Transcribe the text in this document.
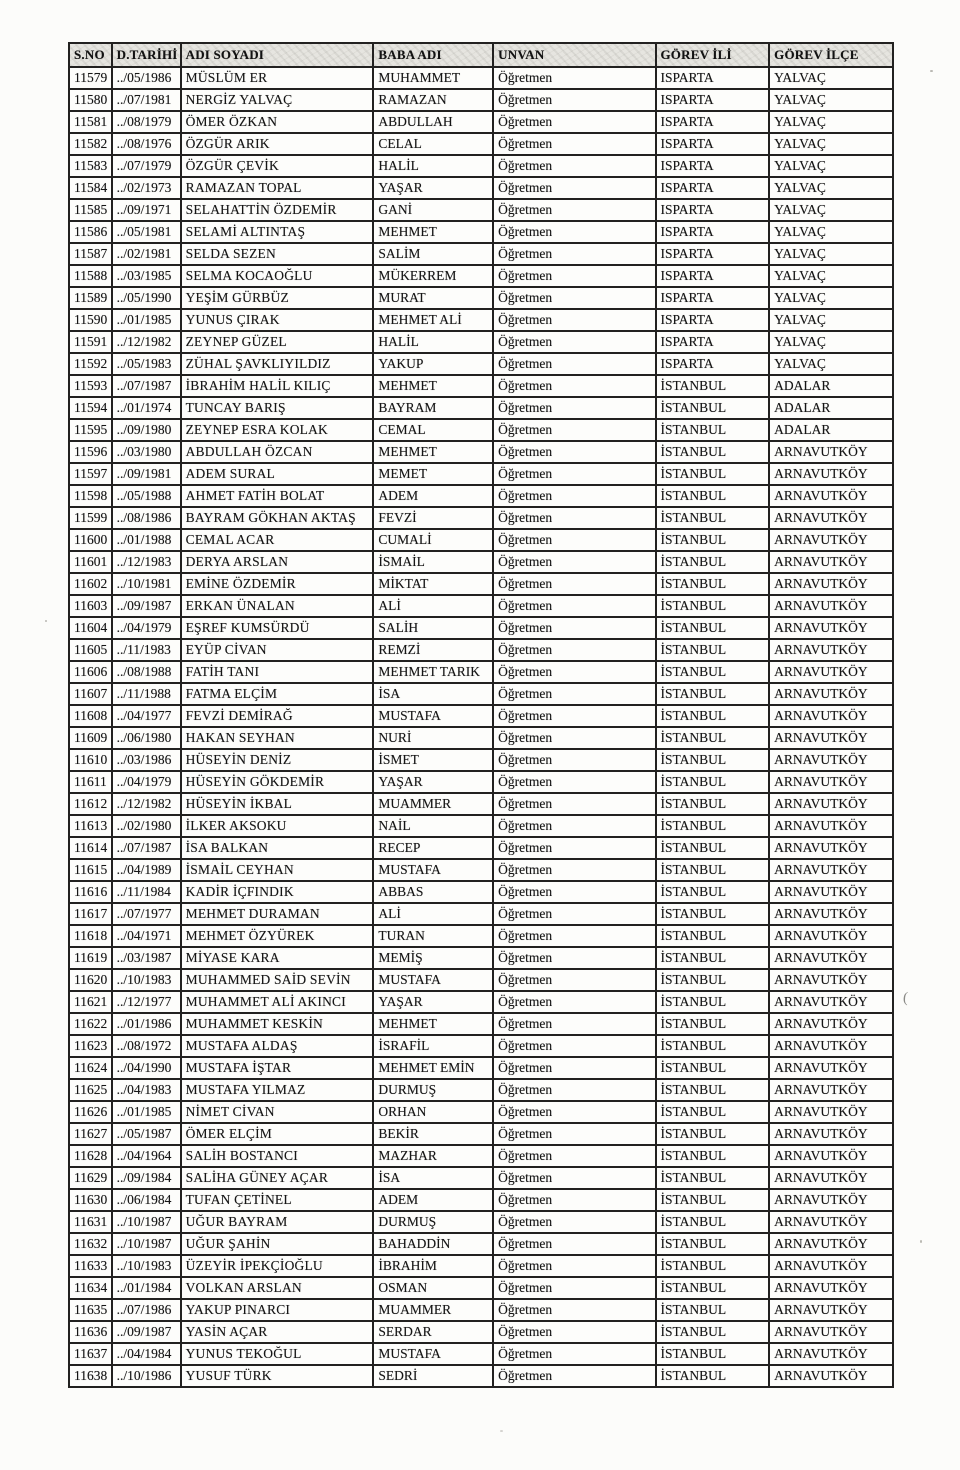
S.NO	D.TARİHİ	ADI SOYADI	BABA ADI	UNVAN	GÖREV İLİ	GÖREV İLÇE
11579	../05/1986	MÜSLÜM ER	MUHAMMET	Öğretmen	ISPARTA	YALVAÇ
11580	../07/1981	NERGİZ YALVAÇ	RAMAZAN	Öğretmen	ISPARTA	YALVAÇ
11581	../08/1979	ÖMER ÖZKAN	ABDULLAH	Öğretmen	ISPARTA	YALVAÇ
11582	../08/1976	ÖZGÜR ARIK	CELAL	Öğretmen	ISPARTA	YALVAÇ
11583	../07/1979	ÖZGÜR ÇEVİK	HALİL	Öğretmen	ISPARTA	YALVAÇ
11584	../02/1973	RAMAZAN TOPAL	YAŞAR	Öğretmen	ISPARTA	YALVAÇ
11585	../09/1971	SELAHATTİN ÖZDEMİR	GANİ	Öğretmen	ISPARTA	YALVAÇ
11586	../05/1981	SELAMİ ALTINTAŞ	MEHMET	Öğretmen	ISPARTA	YALVAÇ
11587	../02/1981	SELDA SEZEN	SALİM	Öğretmen	ISPARTA	YALVAÇ
11588	../03/1985	SELMA KOCAOĞLU	MÜKERREM	Öğretmen	ISPARTA	YALVAÇ
11589	../05/1990	YEŞİM GÜRBÜZ	MURAT	Öğretmen	ISPARTA	YALVAÇ
11590	../01/1985	YUNUS ÇIRAK	MEHMET ALİ	Öğretmen	ISPARTA	YALVAÇ
11591	../12/1982	ZEYNEP GÜZEL	HALİL	Öğretmen	ISPARTA	YALVAÇ
11592	../05/1983	ZÜHAL ŞAVKLIYILDIZ	YAKUP	Öğretmen	ISPARTA	YALVAÇ
11593	../07/1987	İBRAHİM HALİL KILIÇ	MEHMET	Öğretmen	İSTANBUL	ADALAR
11594	../01/1974	TUNCAY BARIŞ	BAYRAM	Öğretmen	İSTANBUL	ADALAR
11595	../09/1980	ZEYNEP ESRA KOLAK	CEMAL	Öğretmen	İSTANBUL	ADALAR
11596	../03/1980	ABDULLAH ÖZCAN	MEHMET	Öğretmen	İSTANBUL	ARNAVUTKÖY
11597	../09/1981	ADEM SURAL	MEMET	Öğretmen	İSTANBUL	ARNAVUTKÖY
11598	../05/1988	AHMET FATİH BOLAT	ADEM	Öğretmen	İSTANBUL	ARNAVUTKÖY
11599	../08/1986	BAYRAM GÖKHAN AKTAŞ	FEVZİ	Öğretmen	İSTANBUL	ARNAVUTKÖY
11600	../01/1988	CEMAL ACAR	CUMALİ	Öğretmen	İSTANBUL	ARNAVUTKÖY
11601	../12/1983	DERYA ARSLAN	İSMAİL	Öğretmen	İSTANBUL	ARNAVUTKÖY
11602	../10/1981	EMİNE ÖZDEMİR	MİKTAT	Öğretmen	İSTANBUL	ARNAVUTKÖY
11603	../09/1987	ERKAN ÜNALAN	ALİ	Öğretmen	İSTANBUL	ARNAVUTKÖY
11604	../04/1979	EŞREF KUMSÜRDÜ	SALİH	Öğretmen	İSTANBUL	ARNAVUTKÖY
11605	../11/1983	EYÜP CİVAN	REMZİ	Öğretmen	İSTANBUL	ARNAVUTKÖY
11606	../08/1988	FATİH TANI	MEHMET TARIK	Öğretmen	İSTANBUL	ARNAVUTKÖY
11607	../11/1988	FATMA ELÇİM	İSA	Öğretmen	İSTANBUL	ARNAVUTKÖY
11608	../04/1977	FEVZİ DEMİRAĞ	MUSTAFA	Öğretmen	İSTANBUL	ARNAVUTKÖY
11609	../06/1980	HAKAN SEYHAN	NURİ	Öğretmen	İSTANBUL	ARNAVUTKÖY
11610	../03/1986	HÜSEYİN DENİZ	İSMET	Öğretmen	İSTANBUL	ARNAVUTKÖY
11611	../04/1979	HÜSEYİN GÖKDEMİR	YAŞAR	Öğretmen	İSTANBUL	ARNAVUTKÖY
11612	../12/1982	HÜSEYİN İKBAL	MUAMMER	Öğretmen	İSTANBUL	ARNAVUTKÖY
11613	../02/1980	İLKER AKSOKU	NAİL	Öğretmen	İSTANBUL	ARNAVUTKÖY
11614	../07/1987	İSA BALKAN	RECEP	Öğretmen	İSTANBUL	ARNAVUTKÖY
11615	../04/1989	İSMAİL CEYHAN	MUSTAFA	Öğretmen	İSTANBUL	ARNAVUTKÖY
11616	../11/1984	KADİR İÇFINDIK	ABBAS	Öğretmen	İSTANBUL	ARNAVUTKÖY
11617	../07/1977	MEHMET DURAMAN	ALİ	Öğretmen	İSTANBUL	ARNAVUTKÖY
11618	../04/1971	MEHMET ÖZYÜREK	TURAN	Öğretmen	İSTANBUL	ARNAVUTKÖY
11619	../03/1987	MİYASE KARA	MEMİŞ	Öğretmen	İSTANBUL	ARNAVUTKÖY
11620	../10/1983	MUHAMMED SAİD SEVİN	MUSTAFA	Öğretmen	İSTANBUL	ARNAVUTKÖY
11621	../12/1977	MUHAMMET ALİ AKINCI	YAŞAR	Öğretmen	İSTANBUL	ARNAVUTKÖY
11622	../01/1986	MUHAMMET KESKİN	MEHMET	Öğretmen	İSTANBUL	ARNAVUTKÖY
11623	../08/1972	MUSTAFA ALDAŞ	İSRAFİL	Öğretmen	İSTANBUL	ARNAVUTKÖY
11624	../04/1990	MUSTAFA İŞTAR	MEHMET EMİN	Öğretmen	İSTANBUL	ARNAVUTKÖY
11625	../04/1983	MUSTAFA YILMAZ	DURMUŞ	Öğretmen	İSTANBUL	ARNAVUTKÖY
11626	../01/1985	NİMET CİVAN	ORHAN	Öğretmen	İSTANBUL	ARNAVUTKÖY
11627	../05/1987	ÖMER ELÇİM	BEKİR	Öğretmen	İSTANBUL	ARNAVUTKÖY
11628	../04/1964	SALİH BOSTANCI	MAZHAR	Öğretmen	İSTANBUL	ARNAVUTKÖY
11629	../09/1984	SALİHA GÜNEY AÇAR	İSA	Öğretmen	İSTANBUL	ARNAVUTKÖY
11630	../06/1984	TUFAN ÇETİNEL	ADEM	Öğretmen	İSTANBUL	ARNAVUTKÖY
11631	../10/1987	UĞUR BAYRAM	DURMUŞ	Öğretmen	İSTANBUL	ARNAVUTKÖY
11632	../10/1987	UĞUR ŞAHİN	BAHADDİN	Öğretmen	İSTANBUL	ARNAVUTKÖY
11633	../10/1983	ÜZEYİR İPEKÇİOĞLU	İBRAHİM	Öğretmen	İSTANBUL	ARNAVUTKÖY
11634	../01/1984	VOLKAN ARSLAN	OSMAN	Öğretmen	İSTANBUL	ARNAVUTKÖY
11635	../07/1986	YAKUP PINARCI	MUAMMER	Öğretmen	İSTANBUL	ARNAVUTKÖY
11636	../09/1987	YASİN AÇAR	SERDAR	Öğretmen	İSTANBUL	ARNAVUTKÖY
11637	../04/1984	YUNUS TEKOĞUL	MUSTAFA	Öğretmen	İSTANBUL	ARNAVUTKÖY
11638	../10/1986	YUSUF TÜRK	SEDRİ	Öğretmen	İSTANBUL	ARNAVUTKÖY
(
